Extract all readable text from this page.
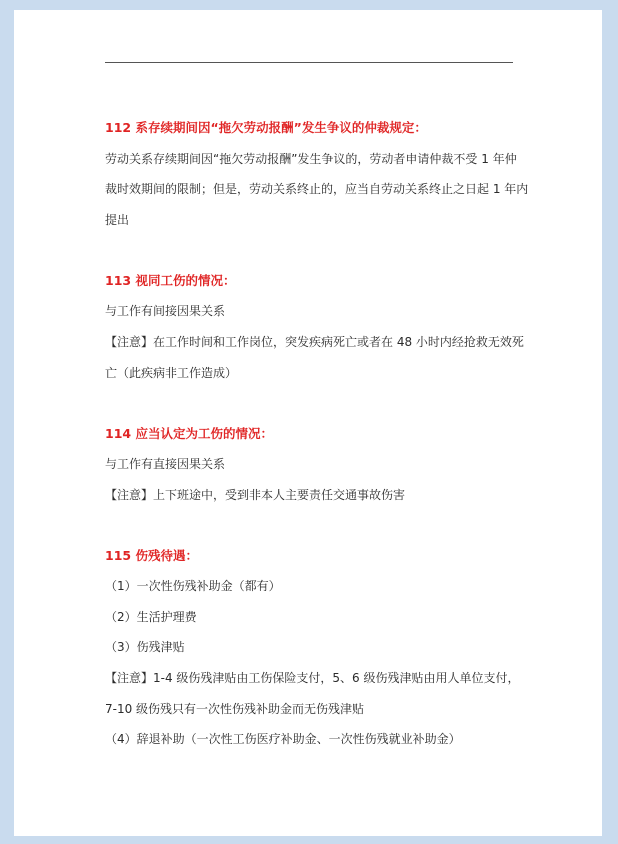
112 系存续期间因“拖欠劳动报酬”发生争议的仲裁规定：
劳动关系存续期间因“拖欠劳动报酬”发生争议的，劳动者申请仲裁不受 1 年仲
裁时效期间的限制；但是，劳动关系终止的，应当自劳动关系终止之日起 1 年内
提出
113 视同工伤的情况：
与工作有间接因果关系
【注意】在工作时间和工作岗位，突发疾病死亡或者在 48 小时内经抢救无效死
亡（此疾病非工作造成）
114 应当认定为工伤的情况：
与工作有直接因果关系
【注意】上下班途中，受到非本人主要责任交通事故伤害
115 伤残待遇：
（1）一次性伤残补助金（都有）
（2）生活护理费
（3）伤残津贴
【注意】1-4 级伤残津贴由工伤保险支付，5、6 级伤残津贴由用人单位支付，
7-10 级伤残只有一次性伤残补助金而无伤残津贴
（4）辞退补助（一次性工伤医疗补助金、一次性伤残就业补助金）
